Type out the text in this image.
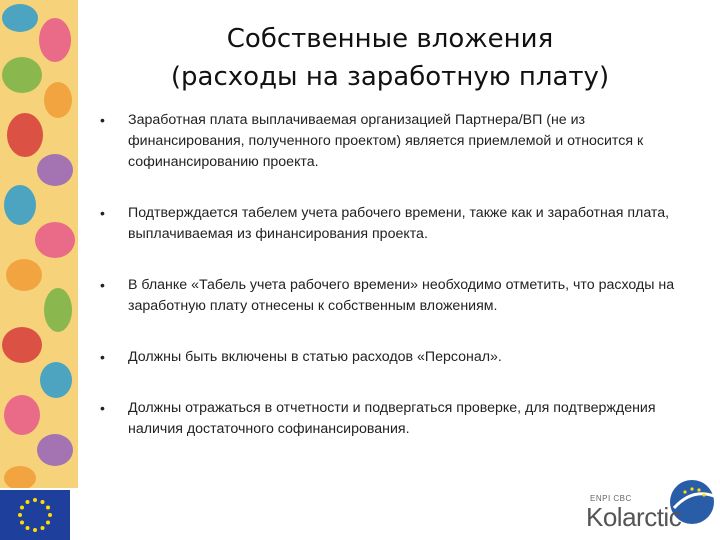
Собственные вложения
(расходы на заработную плату)
• Заработная плата выплачиваемая организацией Партнера/ВП (не из финансирования, полученного проектом) является приемлемой и относится к софинансированию проекта.
• Подтверждается табелем учета рабочего времени, также как и заработная плата, выплачиваемая из финансирования проекта.
• В бланке «Табель учета рабочего времени» необходимо отметить, что расходы на заработную плату отнесены к собственным вложениям.
• Должны быть включены в статью расходов «Персонал».
• Должны отражаться в отчетности и подвергаться проверке, для подтверждения наличия достаточного софинансирования.
ENPI CBC
Kolarctic
